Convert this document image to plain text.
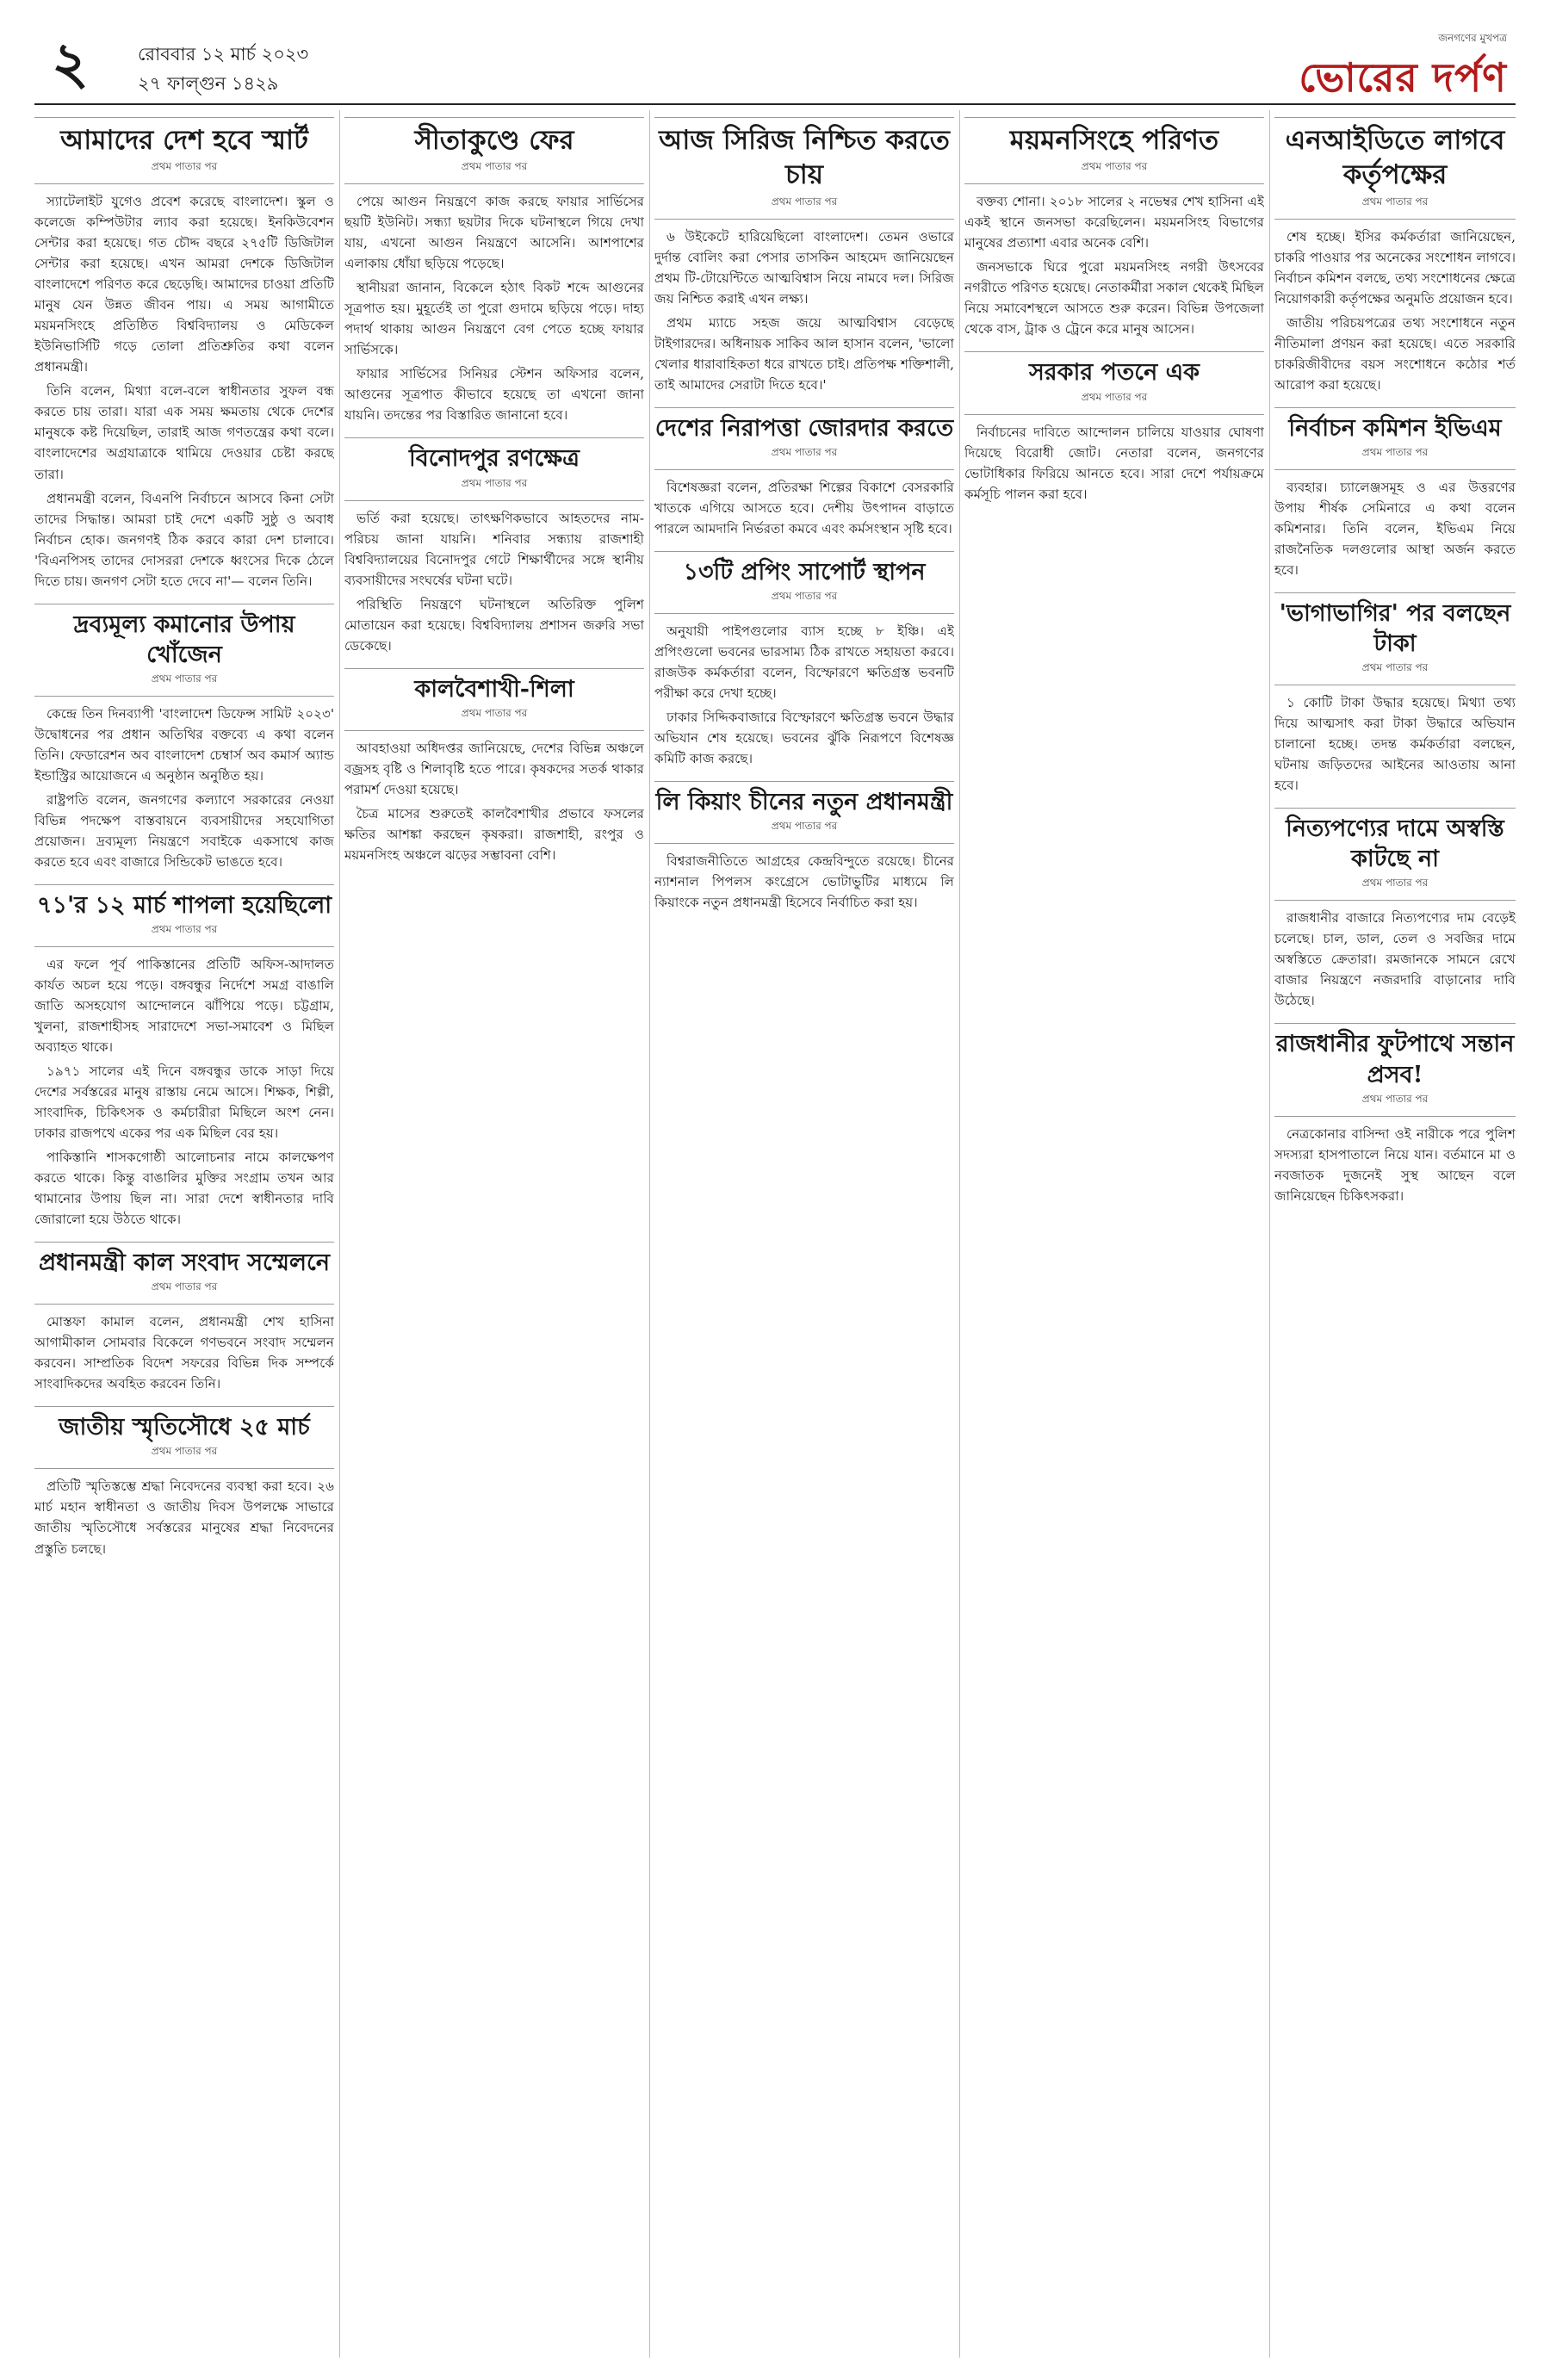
২	রোববার ১২ মার্চ ২০২৩
২৭ ফাল্গুন ১৪২৯
জনগণের মুখপত্র
ভোরের দর্পণ
আমাদের দেশ হবে স্মার্ট
প্রথম পাতার পর

স্যাটেলাইট যুগেও প্রবেশ করেছে বাংলাদেশ। স্কুল ও কলেজে কম্পিউটার ল্যাব করা হয়েছে। ইনকিউবেশন সেন্টার করা হয়েছে। গত চৌদ্দ বছরে ২৭৫টি ডিজিটাল সেন্টার করা হয়েছে। এখন আমরা দেশকে ডিজিটাল বাংলাদেশে পরিণত করে ছেড়েছি। আমাদের চাওয়া প্রতিটি মানুষ যেন উন্নত জীবন পায়। এ সময় আগামীতে ময়মনসিংহে প্রতিষ্ঠিত বিশ্ববিদ্যালয় ও মেডিকেল ইউনিভার্সিটি গড়ে তোলা প্রতিশ্রুতির কথা বলেন প্রধানমন্ত্রী।

তিনি বলেন, মিথ্যা বলে-বলে স্বাধীনতার সুফল বন্ধ করতে চায় তারা। যারা এক সময় ক্ষমতায় থেকে দেশের মানুষকে কষ্ট দিয়েছিল, তারাই আজ গণতন্ত্রের কথা বলে। বাংলাদেশের অগ্রযাত্রাকে থামিয়ে দেওয়ার চেষ্টা করছে তারা।

প্রধানমন্ত্রী বলেন, বিএনপি নির্বাচনে আসবে কিনা সেটা তাদের সিদ্ধান্ত। আমরা চাই দেশে একটি সুষ্ঠু ও অবাধ নির্বাচন হোক। জনগণই ঠিক করবে কারা দেশ চালাবে। 'বিএনপিসহ তাদের দোসররা দেশকে ধ্বংসের দিকে ঠেলে দিতে চায়। জনগণ সেটা হতে দেবে না'— বলেন তিনি।

দ্রব্যমূল্য কমানোর উপায় খোঁজেন
প্রথম পাতার পর

কেন্দ্রে তিন দিনব্যাপী 'বাংলাদেশ ডিফেন্স সামিট ২০২৩' উদ্বোধনের পর প্রধান অতিথির বক্তব্যে এ কথা বলেন তিনি। ফেডারেশন অব বাংলাদেশ চেম্বার্স অব কমার্স অ্যান্ড ইন্ডাস্ট্রির আয়োজনে এ অনুষ্ঠান অনুষ্ঠিত হয়।

রাষ্ট্রপতি বলেন, জনগণের কল্যাণে সরকারের নেওয়া বিভিন্ন পদক্ষেপ বাস্তবায়নে ব্যবসায়ীদের সহযোগিতা প্রয়োজন। দ্রব্যমূল্য নিয়ন্ত্রণে সবাইকে একসাথে কাজ করতে হবে এবং বাজারে সিন্ডিকেট ভাঙতে হবে।

৭১'র ১২ মার্চ শাপলা হয়েছিলো
প্রথম পাতার পর

এর ফলে পূর্ব পাকিস্তানের প্রতিটি অফিস-আদালত কার্যত অচল হয়ে পড়ে। বঙ্গবন্ধুর নির্দেশে সমগ্র বাঙালি জাতি অসহযোগ আন্দোলনে ঝাঁপিয়ে পড়ে। চট্টগ্রাম, খুলনা, রাজশাহীসহ সারাদেশে সভা-সমাবেশ ও মিছিল অব্যাহত থাকে।

১৯৭১ সালের এই দিনে বঙ্গবন্ধুর ডাকে সাড়া দিয়ে দেশের সর্বস্তরের মানুষ রাস্তায় নেমে আসে। শিক্ষক, শিল্পী, সাংবাদিক, চিকিৎসক ও কর্মচারীরা মিছিলে অংশ নেন। ঢাকার রাজপথে একের পর এক মিছিল বের হয়।

পাকিস্তানি শাসকগোষ্ঠী আলোচনার নামে কালক্ষেপণ করতে থাকে। কিন্তু বাঙালির মুক্তির সংগ্রাম তখন আর থামানোর উপায় ছিল না। সারা দেশে স্বাধীনতার দাবি জোরালো হয়ে উঠতে থাকে।

প্রধানমন্ত্রী কাল সংবাদ সম্মেলনে
প্রথম পাতার পর

মোস্তফা কামাল বলেন, প্রধানমন্ত্রী শেখ হাসিনা আগামীকাল সোমবার বিকেলে গণভবনে সংবাদ সম্মেলন করবেন। সাম্প্রতিক বিদেশ সফরের বিভিন্ন দিক সম্পর্কে সাংবাদিকদের অবহিত করবেন তিনি।

জাতীয় স্মৃতিসৌধে ২৫ মার্চ
প্রথম পাতার পর

প্রতিটি স্মৃতিস্তম্ভে শ্রদ্ধা নিবেদনের ব্যবস্থা করা হবে। ২৬ মার্চ মহান স্বাধীনতা ও জাতীয় দিবস উপলক্ষে সাভারে জাতীয় স্মৃতিসৌধে সর্বস্তরের মানুষের শ্রদ্ধা নিবেদনের প্রস্তুতি চলছে।

সীতাকুণ্ডে ফের
প্রথম পাতার পর

পেয়ে আগুন নিয়ন্ত্রণে কাজ করছে ফায়ার সার্ভিসের ছয়টি ইউনিট। সন্ধ্যা ছয়টার দিকে ঘটনাস্থলে গিয়ে দেখা যায়, এখনো আগুন নিয়ন্ত্রণে আসেনি। আশপাশের এলাকায় ধোঁয়া ছড়িয়ে পড়েছে।

স্থানীয়রা জানান, বিকেলে হঠাৎ বিকট শব্দে আগুনের সূত্রপাত হয়। মুহূর্তেই তা পুরো গুদামে ছড়িয়ে পড়ে। দাহ্য পদার্থ থাকায় আগুন নিয়ন্ত্রণে বেগ পেতে হচ্ছে ফায়ার সার্ভিসকে।

ফায়ার সার্ভিসের সিনিয়র স্টেশন অফিসার বলেন, আগুনের সূত্রপাত কীভাবে হয়েছে তা এখনো জানা যায়নি। তদন্তের পর বিস্তারিত জানানো হবে।

বিনোদপুর রণক্ষেত্র
প্রথম পাতার পর

ভর্তি করা হয়েছে। তাৎক্ষণিকভাবে আহতদের নাম-পরিচয় জানা যায়নি। শনিবার সন্ধ্যায় রাজশাহী বিশ্ববিদ্যালয়ের বিনোদপুর গেটে শিক্ষার্থীদের সঙ্গে স্থানীয় ব্যবসায়ীদের সংঘর্ষের ঘটনা ঘটে।

পরিস্থিতি নিয়ন্ত্রণে ঘটনাস্থলে অতিরিক্ত পুলিশ মোতায়েন করা হয়েছে। বিশ্ববিদ্যালয় প্রশাসন জরুরি সভা ডেকেছে।

কালবৈশাখী-শিলা
প্রথম পাতার পর

আবহাওয়া অধিদপ্তর জানিয়েছে, দেশের বিভিন্ন অঞ্চলে বজ্রসহ বৃষ্টি ও শিলাবৃষ্টি হতে পারে। কৃষকদের সতর্ক থাকার পরামর্শ দেওয়া হয়েছে।

চৈত্র মাসের শুরুতেই কালবৈশাখীর প্রভাবে ফসলের ক্ষতির আশঙ্কা করছেন কৃষকরা। রাজশাহী, রংপুর ও ময়মনসিংহ অঞ্চলে ঝড়ের সম্ভাবনা বেশি।

আজ সিরিজ নিশ্চিত করতে চায়
প্রথম পাতার পর

৬ উইকেটে হারিয়েছিলো বাংলাদেশ। তেমন ওভারে দুর্দান্ত বোলিং করা পেসার তাসকিন আহমেদ জানিয়েছেন প্রথম টি-টোয়েন্টিতে আত্মবিশ্বাস নিয়ে নামবে দল। সিরিজ জয় নিশ্চিত করাই এখন লক্ষ্য।

প্রথম ম্যাচে সহজ জয়ে আত্মবিশ্বাস বেড়েছে টাইগারদের। অধিনায়ক সাকিব আল হাসান বলেন, 'ভালো খেলার ধারাবাহিকতা ধরে রাখতে চাই। প্রতিপক্ষ শক্তিশালী, তাই আমাদের সেরাটা দিতে হবে।'

দেশের নিরাপত্তা জোরদার করতে
প্রথম পাতার পর

বিশেষজ্ঞরা বলেন, প্রতিরক্ষা শিল্পের বিকাশে বেসরকারি খাতকে এগিয়ে আসতে হবে। দেশীয় উৎপাদন বাড়াতে পারলে আমদানি নির্ভরতা কমবে এবং কর্মসংস্থান সৃষ্টি হবে।

১৩টি প্রপিং সাপোর্ট স্থাপন
প্রথম পাতার পর

অনুযায়ী পাইপগুলোর ব্যাস হচ্ছে ৮ ইঞ্চি। এই প্রপিংগুলো ভবনের ভারসাম্য ঠিক রাখতে সহায়তা করবে। রাজউক কর্মকর্তারা বলেন, বিস্ফোরণে ক্ষতিগ্রস্ত ভবনটি পরীক্ষা করে দেখা হচ্ছে।

ঢাকার সিদ্দিকবাজারে বিস্ফোরণে ক্ষতিগ্রস্ত ভবনে উদ্ধার অভিযান শেষ হয়েছে। ভবনের ঝুঁকি নিরূপণে বিশেষজ্ঞ কমিটি কাজ করছে।

লি কিয়াং চীনের নতুন প্রধানমন্ত্রী
প্রথম পাতার পর

বিশ্বরাজনীতিতে আগ্রহের কেন্দ্রবিন্দুতে রয়েছে। চীনের ন্যাশনাল পিপলস কংগ্রেসে ভোটাভুটির মাধ্যমে লি কিয়াংকে নতুন প্রধানমন্ত্রী হিসেবে নির্বাচিত করা হয়।

ময়মনসিংহে পরিণত
প্রথম পাতার পর

বক্তব্য শোনা। ২০১৮ সালের ২ নভেম্বর শেখ হাসিনা এই একই স্থানে জনসভা করেছিলেন। ময়মনসিংহ বিভাগের মানুষের প্রত্যাশা এবার অনেক বেশি।

জনসভাকে ঘিরে পুরো ময়মনসিংহ নগরী উৎসবের নগরীতে পরিণত হয়েছে। নেতাকর্মীরা সকাল থেকেই মিছিল নিয়ে সমাবেশস্থলে আসতে শুরু করেন। বিভিন্ন উপজেলা থেকে বাস, ট্রাক ও ট্রেনে করে মানুষ আসেন।

সরকার পতনে এক
প্রথম পাতার পর

নির্বাচনের দাবিতে আন্দোলন চালিয়ে যাওয়ার ঘোষণা দিয়েছে বিরোধী জোট। নেতারা বলেন, জনগণের ভোটাধিকার ফিরিয়ে আনতে হবে। সারা দেশে পর্যায়ক্রমে কর্মসূচি পালন করা হবে।

এনআইডিতে লাগবে কর্তৃপক্ষের
প্রথম পাতার পর

শেষ হচ্ছে। ইসির কর্মকর্তারা জানিয়েছেন, চাকরি পাওয়ার পর অনেকের সংশোধন লাগবে। নির্বাচন কমিশন বলছে, তথ্য সংশোধনের ক্ষেত্রে নিয়োগকারী কর্তৃপক্ষের অনুমতি প্রয়োজন হবে।

জাতীয় পরিচয়পত্রের তথ্য সংশোধনে নতুন নীতিমালা প্রণয়ন করা হয়েছে। এতে সরকারি চাকরিজীবীদের বয়স সংশোধনে কঠোর শর্ত আরোপ করা হয়েছে।

নির্বাচন কমিশন ইভিএম
প্রথম পাতার পর

ব্যবহার। চ্যালেঞ্জসমূহ ও এর উত্তরণের উপায় শীর্ষক সেমিনারে এ কথা বলেন কমিশনার। তিনি বলেন, ইভিএম নিয়ে রাজনৈতিক দলগুলোর আস্থা অর্জন করতে হবে।

'ভাগাভাগির' পর বলছেন টাকা
প্রথম পাতার পর

১ কোটি টাকা উদ্ধার হয়েছে। মিথ্যা তথ্য দিয়ে আত্মসাৎ করা টাকা উদ্ধারে অভিযান চালানো হচ্ছে। তদন্ত কর্মকর্তারা বলছেন, ঘটনায় জড়িতদের আইনের আওতায় আনা হবে।

নিত্যপণ্যের দামে অস্বস্তি কাটছে না
প্রথম পাতার পর

রাজধানীর বাজারে নিত্যপণ্যের দাম বেড়েই চলেছে। চাল, ডাল, তেল ও সবজির দামে অস্বস্তিতে ক্রেতারা। রমজানকে সামনে রেখে বাজার নিয়ন্ত্রণে নজরদারি বাড়ানোর দাবি উঠেছে।

রাজধানীর ফুটপাথে সন্তান প্রসব!
প্রথম পাতার পর

নেত্রকোনার বাসিন্দা ওই নারীকে পরে পুলিশ সদস্যরা হাসপাতালে নিয়ে যান। বর্তমানে মা ও নবজাতক দুজনেই সুস্থ আছেন বলে জানিয়েছেন চিকিৎসকরা।
